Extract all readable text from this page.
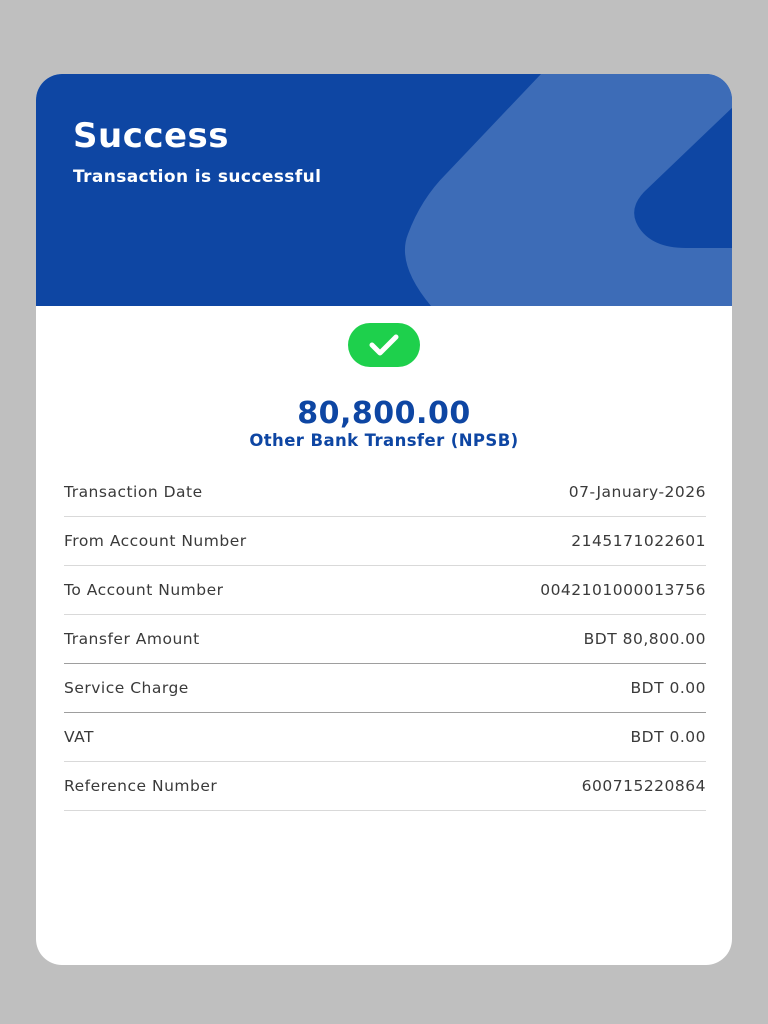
Success
Transaction is successful
80,800.00
Other Bank Transfer (NPSB)
Transaction Date	07-January-2026
From Account Number	2145171022601
To Account Number	0042101000013756
Transfer Amount	BDT 80,800.00
Service Charge	BDT 0.00
VAT	BDT 0.00
Reference Number	600715220864
